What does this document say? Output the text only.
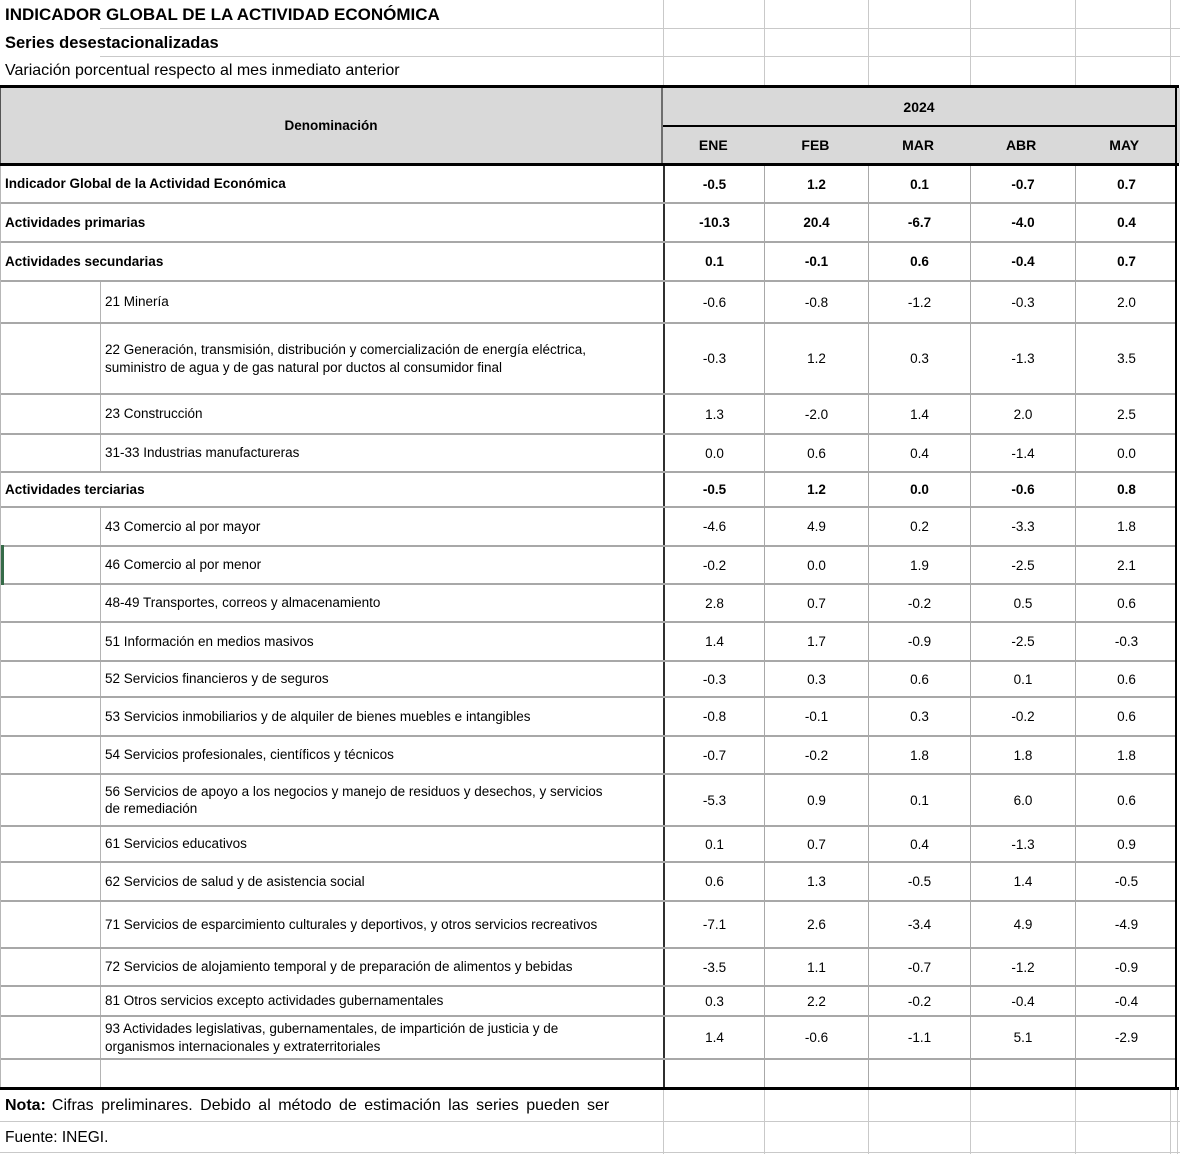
INDICADOR GLOBAL DE LA ACTIVIDAD ECONÓMICA
Series desestacionalizadas
Variación porcentual respecto al mes inmediato anterior
Denominación
2024
ENE	FEB	MAR	ABR	MAY
Indicador Global de la Actividad Económica	-0.5	1.2	0.1	-0.7	0.7
Actividades primarias	-10.3	20.4	-6.7	-4.0	0.4
Actividades secundarias	0.1	-0.1	0.6	-0.4	0.7
21 Minería	-0.6	-0.8	-1.2	-0.3	2.0
22 Generación, transmisión, distribución y comercialización de energía eléctrica, suministro de agua y de gas natural por ductos al consumidor final
-0.3	1.2	0.3	-1.3	3.5
23 Construcción	1.3	-2.0	1.4	2.0	2.5
31-33 Industrias manufactureras	0.0	0.6	0.4	-1.4	0.0
Actividades terciarias	-0.5	1.2	0.0	-0.6	0.8
43 Comercio al por mayor	-4.6	4.9	0.2	-3.3	1.8
46 Comercio al por menor	-0.2	0.0	1.9	-2.5	2.1
48-49 Transportes, correos y almacenamiento	2.8	0.7	-0.2	0.5	0.6
51 Información en medios masivos	1.4	1.7	-0.9	-2.5	-0.3
52 Servicios financieros y de seguros	-0.3	0.3	0.6	0.1	0.6
53 Servicios inmobiliarios y de alquiler de bienes muebles e intangibles	-0.8	-0.1	0.3	-0.2	0.6
54 Servicios profesionales, científicos y técnicos	-0.7	-0.2	1.8	1.8	1.8
56 Servicios de apoyo a los negocios y manejo de residuos y desechos, y servicios de remediación
-5.3	0.9	0.1	6.0	0.6
61 Servicios educativos	0.1	0.7	0.4	-1.3	0.9
62 Servicios de salud y de asistencia social	0.6	1.3	-0.5	1.4	-0.5
71 Servicios de esparcimiento culturales y deportivos, y otros servicios recreativos	-7.1	2.6	-3.4	4.9	-4.9
72 Servicios de alojamiento temporal y de preparación de alimentos y bebidas	-3.5	1.1	-0.7	-1.2	-0.9
81 Otros servicios excepto actividades gubernamentales	0.3	2.2	-0.2	-0.4	-0.4
93 Actividades legislativas, gubernamentales, de impartición de justicia y de organismos internacionales y extraterritoriales
1.4	-0.6	-1.1	5.1	-2.9
Nota: Cifras preliminares. Debido al método de estimación las series pueden ser
Fuente: INEGI.
